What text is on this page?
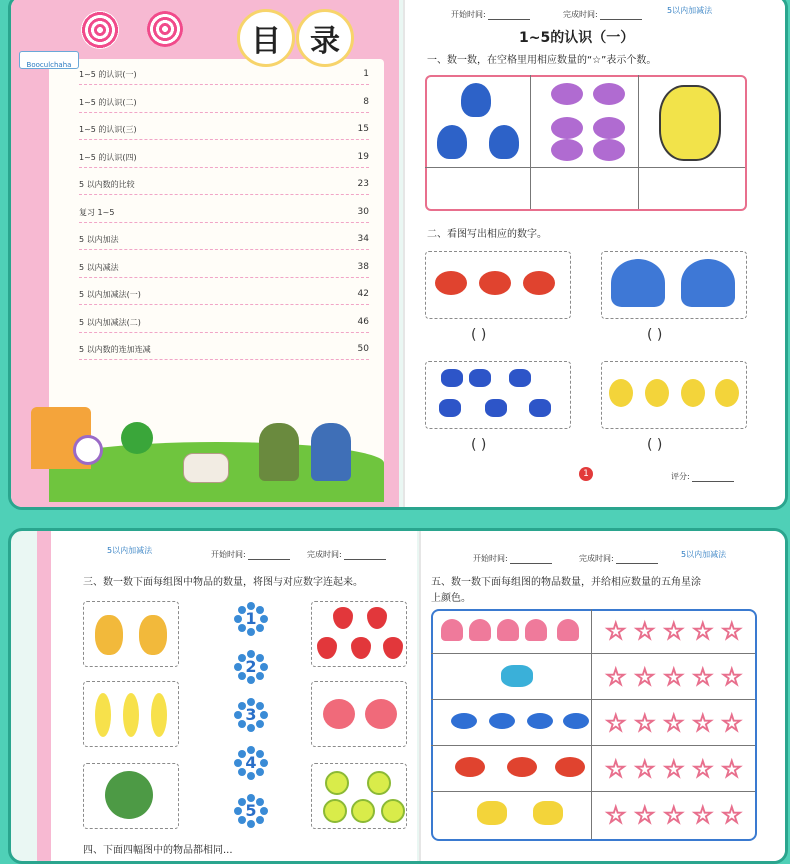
目 录
Booculchaha
开始时间:	完成时间:	5以内加减法
1~5的认识（一）
一、数一数，在空格里用相应数量的“☆”表示个数。
二、看图写出相应的数字。
( )	( )
( )	( )
1	评分:
1~5 的认识(一)	1
1~5 的认识(二)	8
1~5 的认识(三)	15
1~5 的认识(四)	19
5 以内数的比较	23
复习 1~5	30
5 以内加法	34
5 以内减法	38
5 以内加减法(一)	42
5 以内加减法(二)	46
5 以内数的连加连减	50
5以内加减法	开始时间:	完成时间:
三、数一数下面每组图中物品的数量，将图与对应数字连起来。
四、下面四幅图中的物品都相同...
开始时间:	完成时间:	5以内加减法
五、数一数下面每组图的物品数量，并给相应数量的五角星涂
上颜色。
1
2
3
4
5
☆ ☆ ☆ ☆ ☆
☆ ☆ ☆ ☆ ☆
☆ ☆ ☆ ☆ ☆
☆ ☆ ☆ ☆ ☆
☆ ☆ ☆ ☆ ☆
